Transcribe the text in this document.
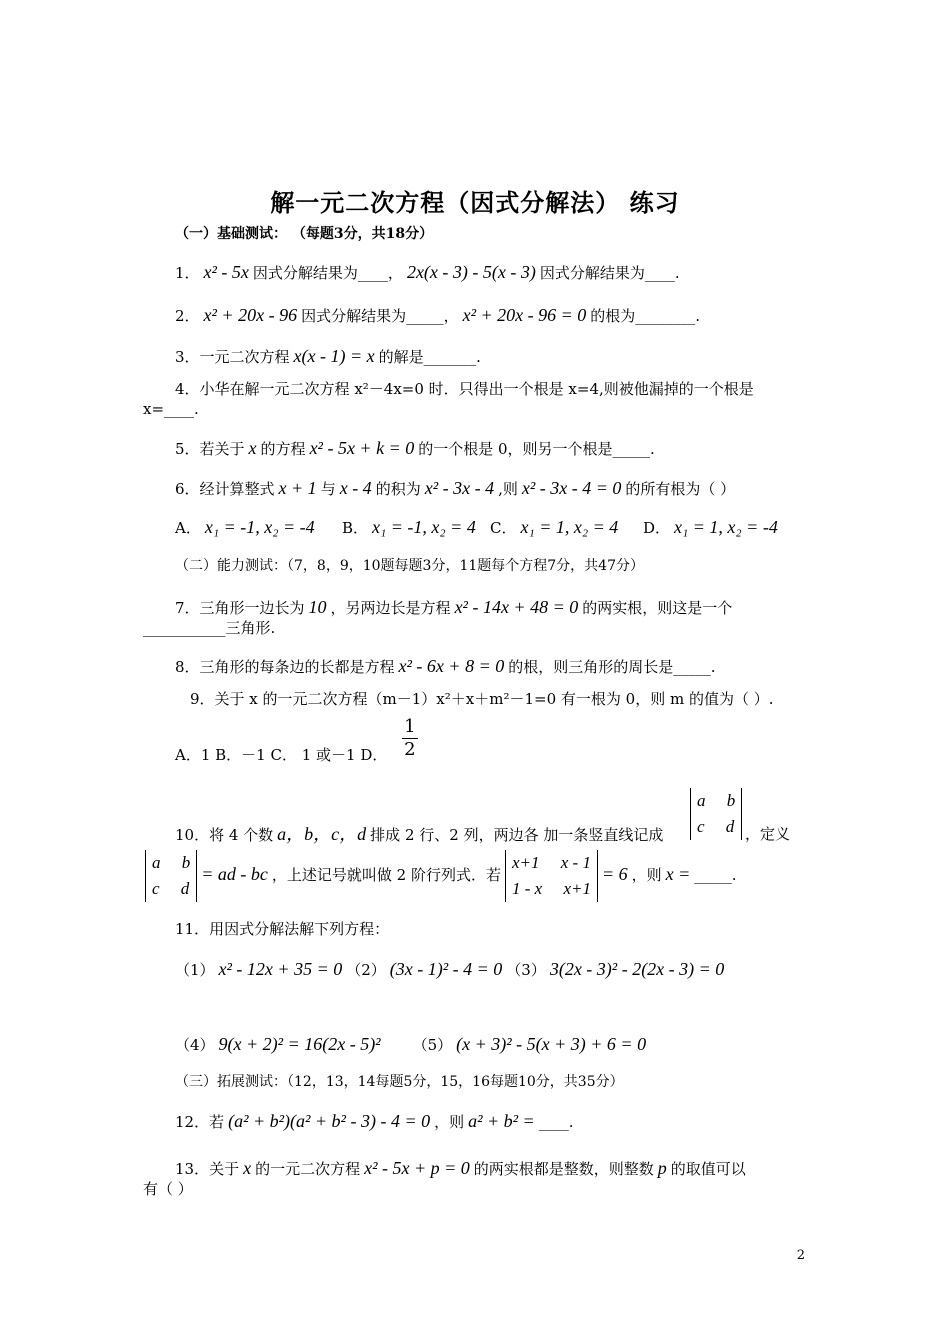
解一元二次方程（因式分解法） 练习
（一）基础测试： （每题3分，共18分）
1． x² - 5x 因式分解结果为____， 2x(x - 3) - 5(x - 3) 因式分解结果为____.
2． x² + 20x - 96 因式分解结果为_____， x² + 20x - 96 = 0 的根为________.
3．一元二次方程 x(x - 1) = x 的解是_______.
4．小华在解一元二次方程 x²－4x=0 时．只得出一个根是 x=4,则被他漏掉的一个根是
x=____.
5．若关于 x 的方程 x² - 5x + k = 0 的一个根是 0，则另一个根是_____.
6．经计算整式 x + 1 与 x - 4 的积为 x² - 3x - 4 ,则 x² - 3x - 4 = 0 的所有根为（ ）
A． x₁ = -1, x₂ = -4 B． x₁ = -1, x₂ = 4 C． x₁ = 1, x₂ = 4 D． x₁ = 1, x₂ = -4
（二）能力测试：（7，8，9，10题每题3分，11题每个方程7分，共47分）
7．三角形一边长为 10 ，另两边长是方程 x² - 14x + 48 = 0 的两实根，则这是一个
___________三角形.
8．三角形的每条边的长都是方程 x² - 6x + 8 = 0 的根，则三角形的周长是_____.
9．关于 x 的一元二次方程（m－1）x²＋x＋m²－1=0 有一根为 0，则 m 的值为（ ）.
A．1 B．－1 C． 1 或－1 D． $\frac{1}{2}$
a     b
c     d
10．将 4 个数 a，b，c，d 排成 2 行、2 列，两边各 加一条竖直线记成	，定义
a     b
c     d
= ad - bc ，上述记号就叫做 2 阶行列式．若
x+1     x - 1
1 - x     x+1
= 6 ，则 x = _____.
11．用因式分解法解下列方程：
（1） x² - 12x + 35 = 0 （2） (3x - 1)² - 4 = 0 （3） 3(2x - 3)² - 2(2x - 3) = 0
（4） 9(x + 2)² = 16(2x - 5)² （5） (x + 3)² - 5(x + 3) + 6 = 0
（三）拓展测试：（12，13，14每题5分，15，16每题10分，共35分）
12．若 (a² + b²)(a² + b² - 3) - 4 = 0 ，则 a² + b² = ____.
13．关于 x 的一元二次方程 x² - 5x + p = 0 的两实根都是整数，则整数 p 的取值可以
有（ ）
2
